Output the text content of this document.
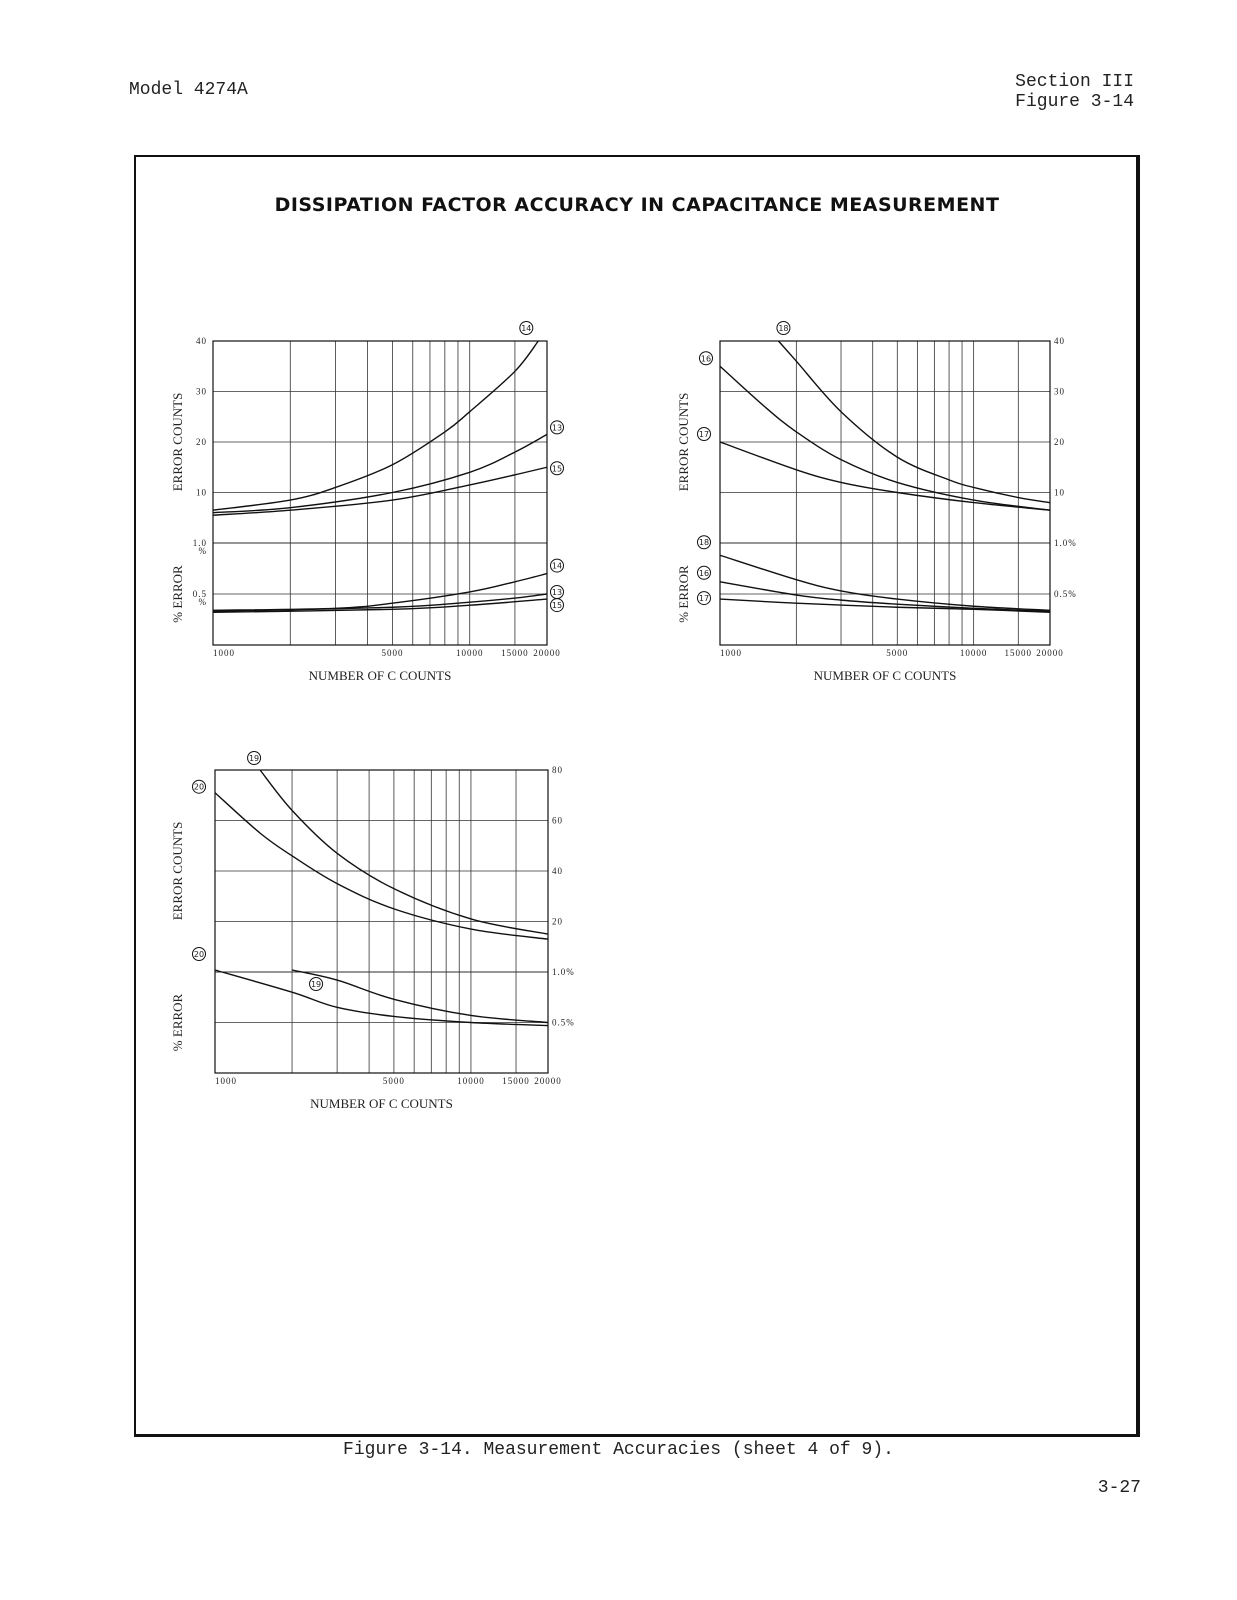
Model 4274A	Section III
Figure 3-14
DISSIPATION FACTOR ACCURACY IN CAPACITANCE MEASUREMENT
10
20
30
40
ERROR COUNTS
14
13
15
0.5 %
1.0 %
% ERROR	14
13
15
1000	5000	10000 15000 20000
NUMBER OF C COUNTS
10
20
30
40
ERROR COUNTS
18
16
17
0.5%
1.0%
% ERROR
18
16
17
1000	5000	10000 15000 20000
NUMBER OF C COUNTS
20
40
60
80
ERROR COUNTS
19
20
0.5%
1.0%
% ERROR
19
20
1000	5000	10000 15000 20000
NUMBER OF C COUNTS
Figure 3-14. Measurement Accuracies (sheet 4 of 9).
3-27
